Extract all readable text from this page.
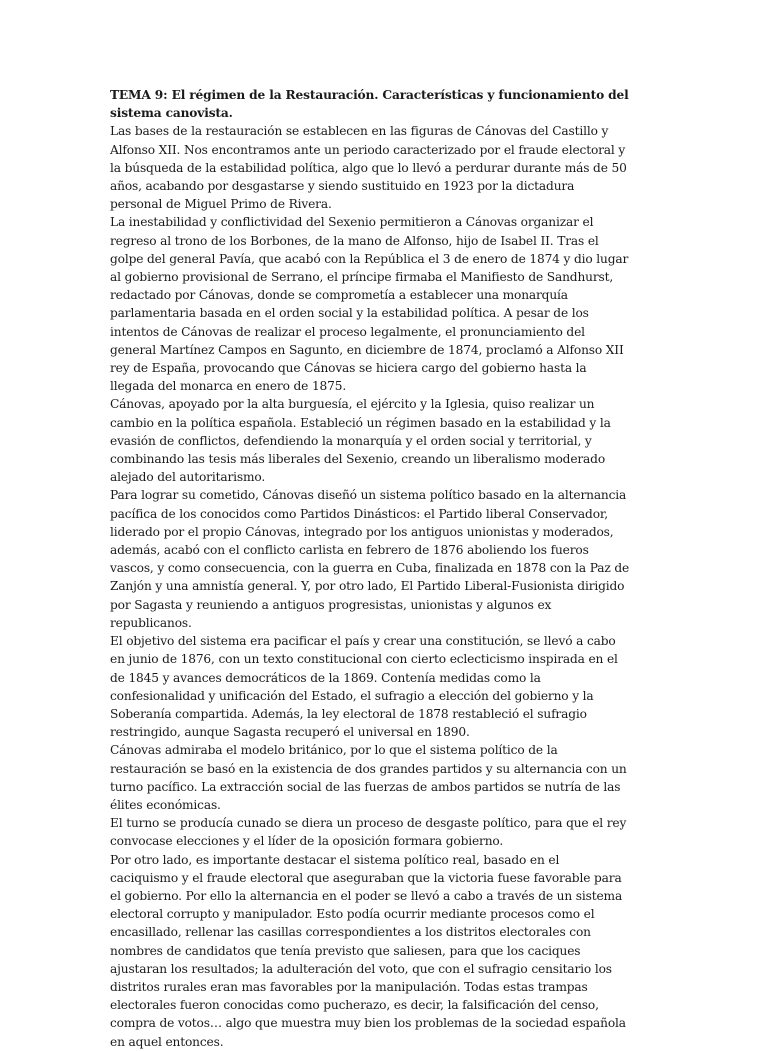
TEMA 9: El régimen de la Restauración. Características y funcionamiento del sistema canovista.

Las bases de la restauración se establecen en las figuras de Cánovas del Castillo y Alfonso XII. Nos encontramos ante un periodo caracterizado por el fraude electoral y la búsqueda de la estabilidad política, algo que lo llevó a perdurar durante más de 50 años, acabando por desgastarse y siendo sustituido en 1923 por la dictadura personal de Miguel Primo de Rivera.

La inestabilidad y conflictividad del Sexenio permitieron a Cánovas organizar el regreso al trono de los Borbones, de la mano de Alfonso, hijo de Isabel II. Tras el golpe del general Pavía, que acabó con la República el 3 de enero de 1874 y dio lugar al gobierno provisional de Serrano, el príncipe firmaba el Manifiesto de Sandhurst, redactado por Cánovas, donde se comprometía a establecer una monarquía parlamentaria basada en el orden social y la estabilidad política. A pesar de los intentos de Cánovas de realizar el proceso legalmente, el pronunciamiento del general Martínez Campos en Sagunto, en diciembre de 1874, proclamó a Alfonso XII rey de España, provocando que Cánovas se hiciera cargo del gobierno hasta la llegada del monarca en enero de 1875.

Cánovas, apoyado por la alta burguesía, el ejército y la Iglesia, quiso realizar un cambio en la política española. Estableció un régimen basado en la estabilidad y la evasión de conflictos, defendiendo la monarquía y el orden social y territorial, y combinando las tesis más liberales del Sexenio, creando un liberalismo moderado alejado del autoritarismo.

Para lograr su cometido, Cánovas diseñó un sistema político basado en la alternancia pacífica de los conocidos como Partidos Dinásticos: el Partido liberal Conservador, liderado por el propio Cánovas, integrado por los antiguos unionistas y moderados, además, acabó con el conflicto carlista en febrero de 1876 aboliendo los fueros vascos, y como consecuencia, con la guerra en Cuba, finalizada en 1878 con la Paz de Zanjón y una amnistía general. Y, por otro lado, El Partido Liberal-Fusionista dirigido por Sagasta y reuniendo a antiguos progresistas, unionistas y algunos ex republicanos.

El objetivo del sistema era pacificar el país y crear una constitución, se llevó a cabo en junio de 1876, con un texto constitucional con cierto eclecticismo inspirada en el de 1845 y avances democráticos de la 1869. Contenía medidas como la confesionalidad y unificación del Estado, el sufragio a elección del gobierno y la Soberanía compartida. Además, la ley electoral de 1878 restableció el sufragio restringido, aunque Sagasta recuperó el universal en 1890.

Cánovas admiraba el modelo británico, por lo que el sistema político de la restauración se basó en la existencia de dos grandes partidos y su alternancia con un turno pacífico. La extracción social de las fuerzas de ambos partidos se nutría de las élites económicas.

El turno se producía cunado se diera un proceso de desgaste político, para que el rey convocase elecciones y el líder de la oposición formara gobierno.

Por otro lado, es importante destacar el sistema político real, basado en el caciquismo y el fraude electoral que aseguraban que la victoria fuese favorable para el gobierno. Por ello la alternancia en el poder se llevó a cabo a través de un sistema electoral corrupto y manipulador. Esto podía ocurrir mediante procesos como el encasillado, rellenar las casillas correspondientes a los distritos electorales con nombres de candidatos que tenía previsto que saliesen, para que los caciques ajustaran los resultados; la adulteración del voto, que con el sufragio censitario los distritos rurales eran mas favorables por la manipulación. Todas estas trampas electorales fueron conocidas como pucherazo, es decir, la falsificación del censo, compra de votos… algo que muestra muy bien los problemas de la sociedad española en aquel entonces.
